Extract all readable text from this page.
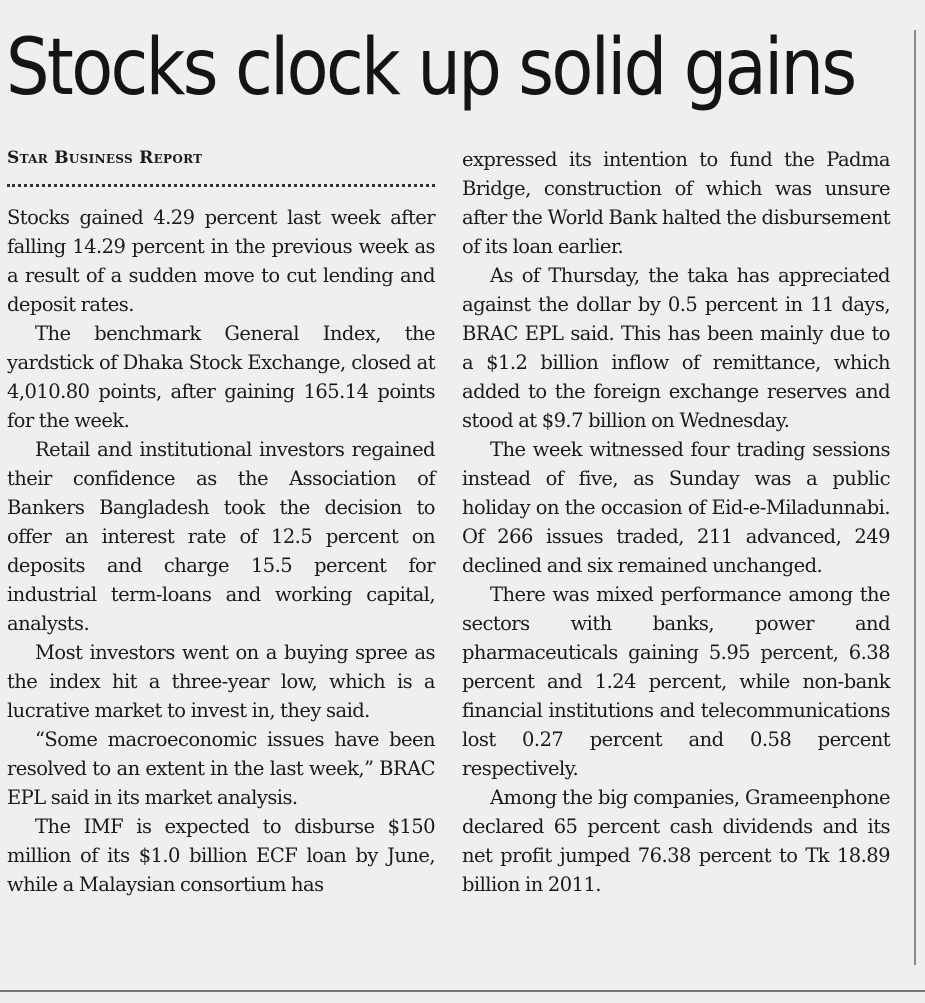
Stocks clock up solid gains
Star Business Report

Stocks gained 4.29 percent last week after falling 14.29 percent in the previous week as a result of a sudden move to cut lending and deposit rates.

The benchmark General Index, the yardstick of Dhaka Stock Exchange, closed at 4,010.80 points, after gaining 165.14 points for the week.

Retail and institutional investors regained their confidence as the Association of Bankers Bangladesh took the decision to offer an interest rate of 12.5 percent on deposits and charge 15.5 percent for industrial term-loans and working capital, analysts.

Most investors went on a buying spree as the index hit a three-year low, which is a lucrative market to invest in, they said.

“Some macroeconomic issues have been resolved to an extent in the last week,” BRAC EPL said in its market analysis.

The IMF is expected to disburse $150 million of its $1.0 billion ECF loan by June, while a Malaysian consortium has

expressed its intention to fund the Padma Bridge, construction of which was unsure after the World Bank halted the disbursement of its loan earlier.

As of Thursday, the taka has appreciated against the dollar by 0.5 percent in 11 days, BRAC EPL said. This has been mainly due to a $1.2 billion inflow of remittance, which added to the foreign exchange reserves and stood at $9.7 billion on Wednesday.

The week witnessed four trading sessions instead of five, as Sunday was a public holiday on the occasion of Eid-e-Miladunnabi. Of 266 issues traded, 211 advanced, 249 declined and six remained unchanged.

There was mixed performance among the sectors with banks, power and pharmaceuticals gaining 5.95 percent, 6.38 percent and 1.24 percent, while non-bank financial institutions and telecommunications lost 0.27 percent and 0.58 percent respectively.

Among the big companies, Grameenphone declared 65 percent cash dividends and its net profit jumped 76.38 percent to Tk 18.89 billion in 2011.
